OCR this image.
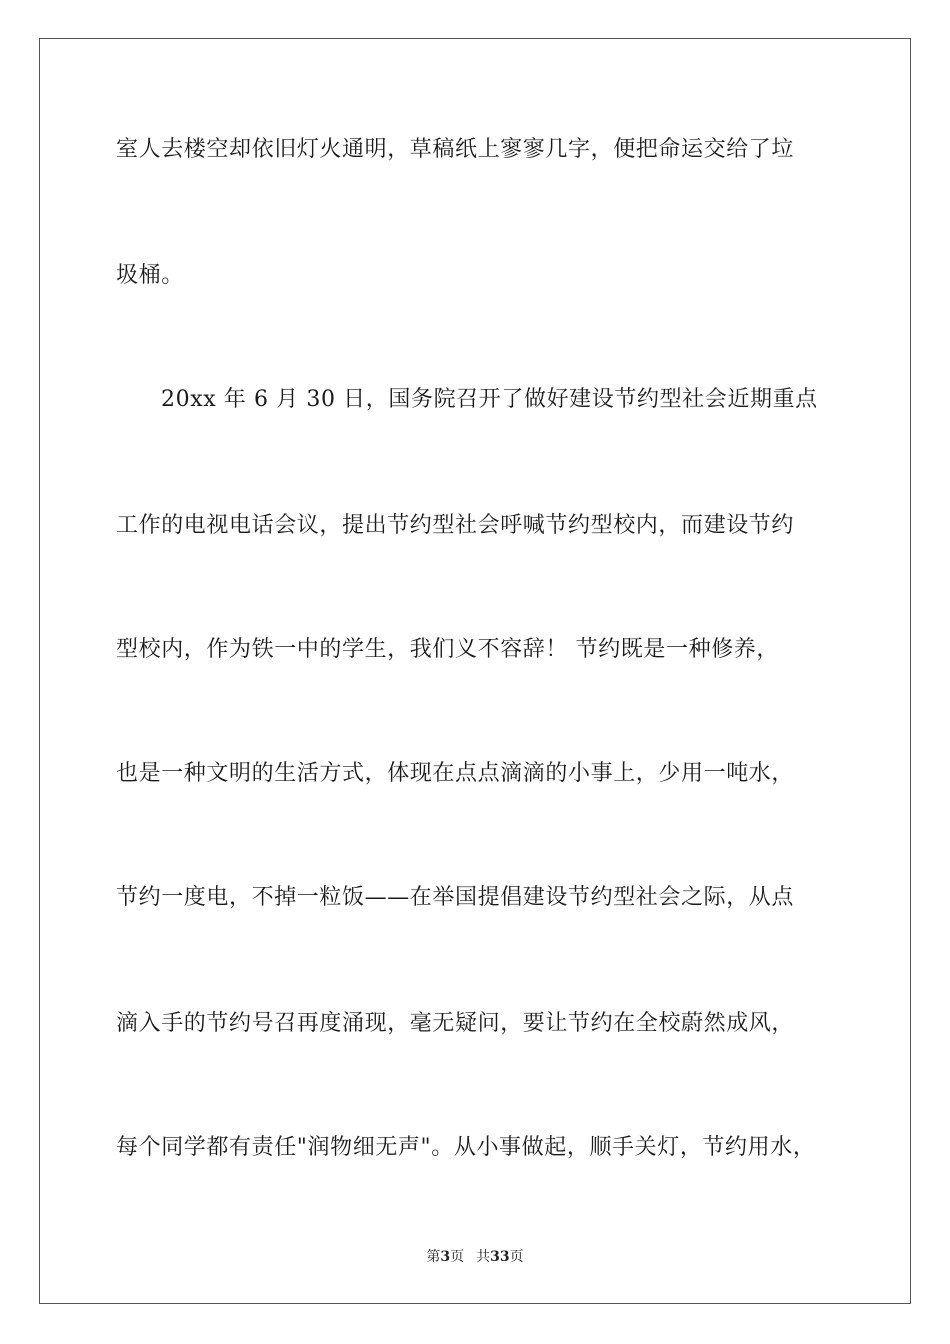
室人去楼空却依旧灯火通明，草稿纸上寥寥几字，便把命运交给了垃
圾桶。
20xx 年 6 月 30 日，国务院召开了做好建设节约型社会近期重点
工作的电视电话会议，提出节约型社会呼喊节约型校内，而建设节约
型校内，作为铁一中的学生，我们义不容辞！ 节约既是一种修养，
也是一种文明的生活方式，体现在点点滴滴的小事上，少用一吨水，
节约一度电，不掉一粒饭——在举国提倡建设节约型社会之际，从点
滴入手的节约号召再度涌现，毫无疑问，要让节约在全校蔚然成风，
每个同学都有责任"润物细无声"。从小事做起，顺手关灯，节约用水，
第3页 共33页
